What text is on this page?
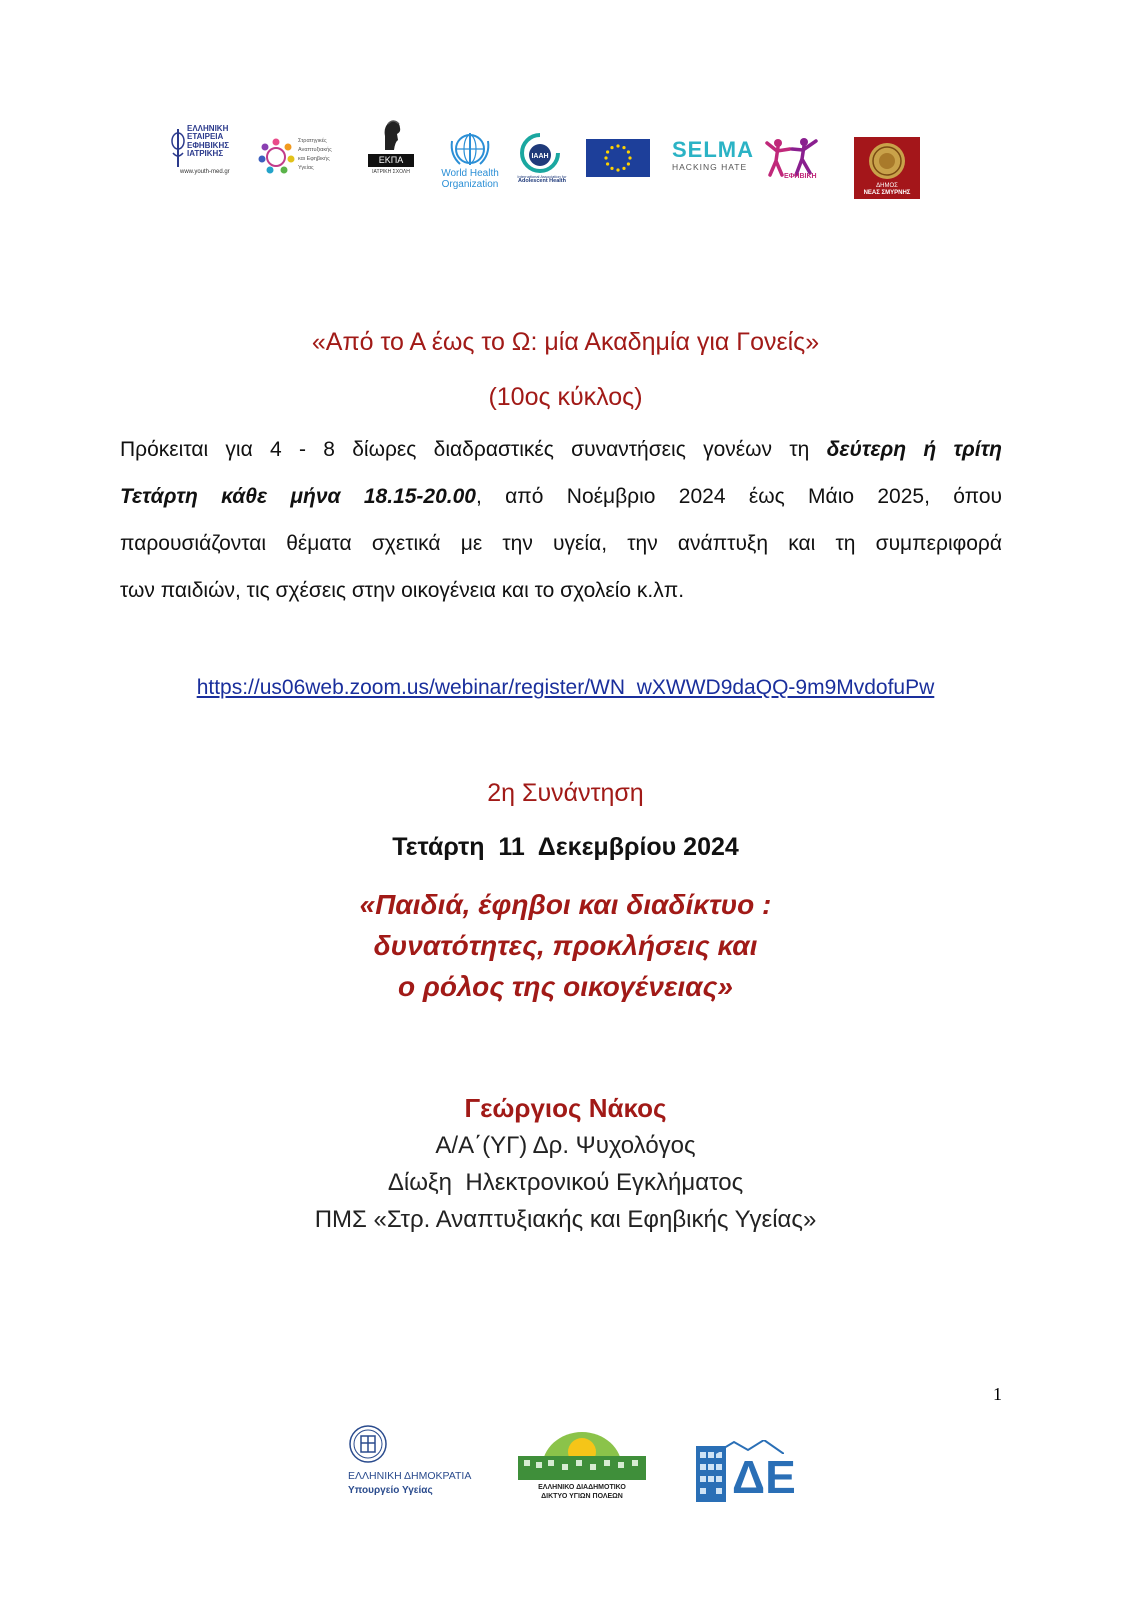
ΕΛΛΗΝΙΚΗ
ΕΤΑΙΡΕΙΑ
ΕΦΗΒΙΚΗΣ
ΙΑΤΡΙΚΗΣ
www.youth-med.gr
Στρατηγικές
Αναπτυξιακής
και Εφηβικής
Υγείας
ΕΚΠΑ
ΙΑΤΡΙΚΗ ΣΧΟΛΗ	World Health
Organization
IAAH
International Association for
Adolescent Health
SELMA
HACKING HATE
ΕΦΗΒΙΚΗ
ΔΗΜΟΣ
ΝΕΑΣ ΣΜΥΡΝΗΣ
«Από το Α έως το Ω: μία Ακαδημία για Γονείς»
(10ος κύκλος)
Πρόκειται για 4 - 8 δίωρες διαδραστικές συναντήσεις γονέων τη δεύτερη ή τρίτη
Τετάρτη κάθε μήνα 18.15-20.00, από Νοέμβριο 2024 έως Μάιο 2025, όπου
παρουσιάζονται θέματα σχετικά με την υγεία, την ανάπτυξη και τη συμπεριφορά
των παιδιών, τις σχέσεις στην οικογένεια και το σχολείο κ.λπ.
https://us06web.zoom.us/webinar/register/WN_wXWWD9daQQ-9m9MvdofuPw
2η Συνάντηση
Τετάρτη  11  Δεκεμβρίου 2024
«Παιδιά, έφηβοι και διαδίκτυο :
δυνατότητες, προκλήσεις και
ο ρόλος της οικογένειας»
Γεώργιος Νάκος
Α/Α΄(ΥΓ) Δρ. Ψυχολόγος
Δίωξη  Ηλεκτρονικού Εγκλήματος
ΠΜΣ «Στρ. Αναπτυξιακής και Εφηβικής Υγείας»
1
ΕΛΛΗΝΙΚΗ ΔΗΜΟΚΡΑΤΙΑ
Υπουργείο Υγείας	ΕΛΛΗΝΙΚΟ ΔΙΑΔΗΜΟΤΙΚΟ
ΔΙΚΤΥΟ ΥΓΙΩΝ ΠΟΛΕΩΝ	ΔΕ
